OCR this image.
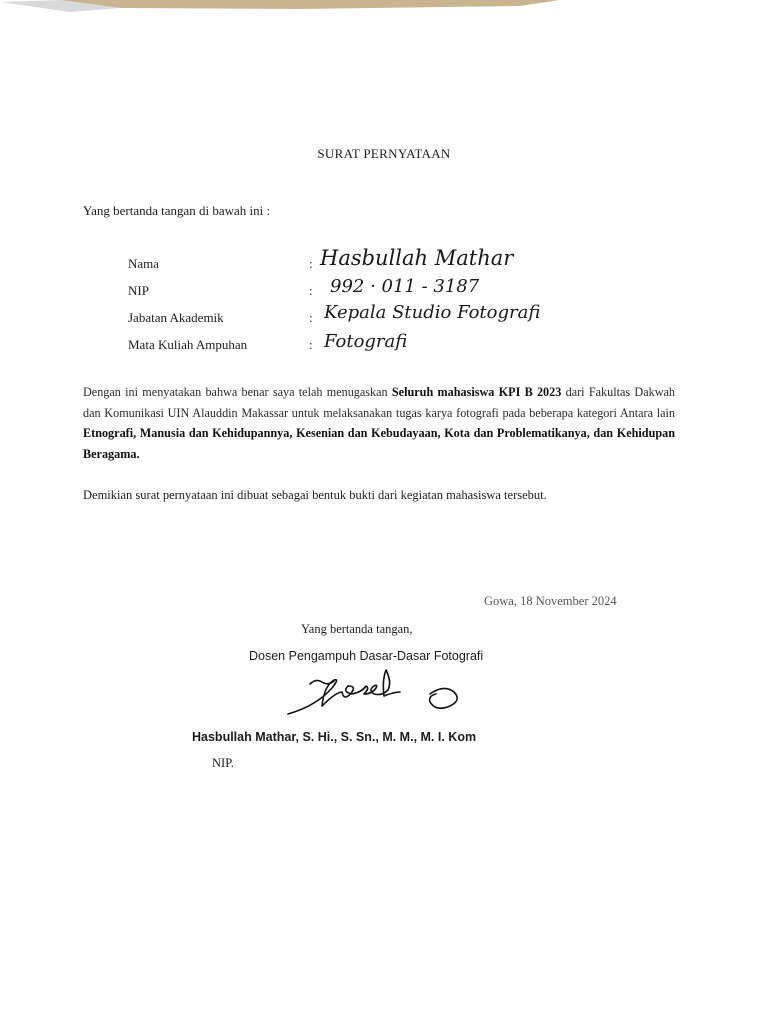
SURAT PERNYATAAN
Yang bertanda tangan di bawah ini :
Nama	: Hasbullah Mathar
NIP	: 992 · 011 - 3187
Jabatan Akademik	: Kepala Studio Fotografi
Mata Kuliah Ampuhan	: Fotografi
Dengan ini menyatakan bahwa benar saya telah menugaskan Seluruh mahasiswa KPI B 2023 dari Fakultas Dakwah dan Komunikasi UIN Alauddin Makassar untuk melaksanakan tugas karya fotografi pada beberapa kategori Antara lain Etnografi, Manusia dan Kehidupannya, Kesenian dan Kebudayaan, Kota dan Problematikanya, dan Kehidupan Beragama.
Demikian surat pernyataan ini dibuat sebagai bentuk bukti dari kegiatan mahasiswa tersebut.
Gowa, 18 November 2024
Yang bertanda tangan,
Dosen Pengampuh Dasar-Dasar Fotografi
Hasbullah Mathar, S. Hi., S. Sn., M. M., M. I. Kom
NIP.
